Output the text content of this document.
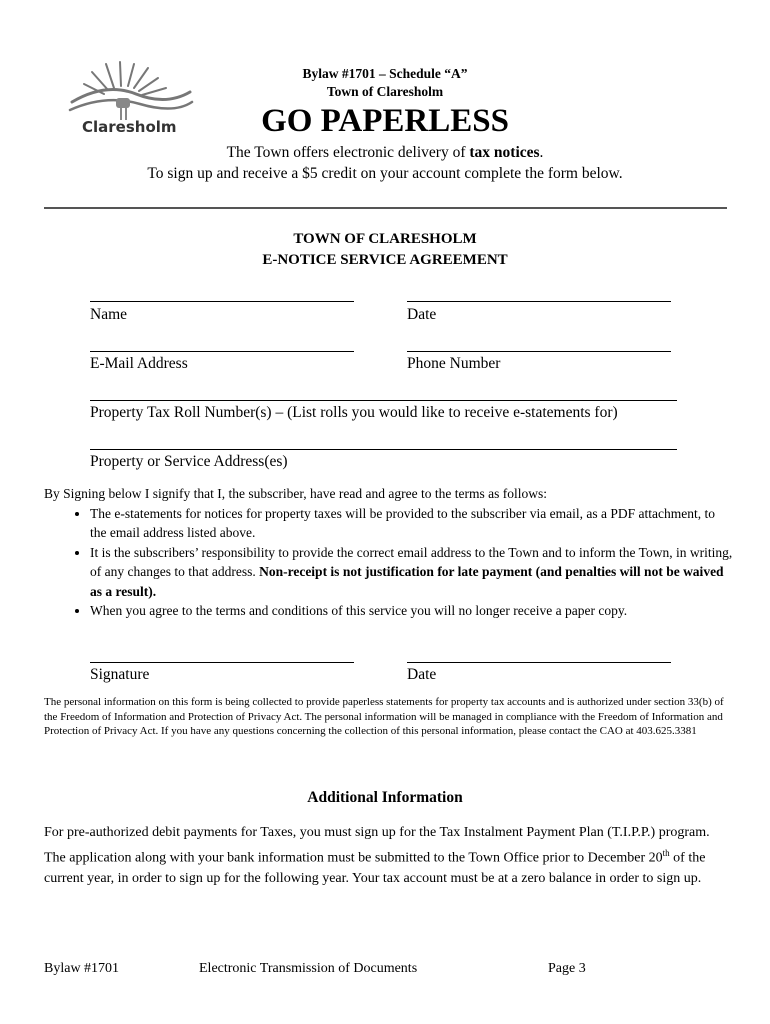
Claresholm
Bylaw #1701 – Schedule “A”
Town of Claresholm
GO PAPERLESS
The Town offers electronic delivery of tax notices.
To sign up and receive a $5 credit on your account complete the form below.
TOWN OF CLARESHOLM
E-NOTICE SERVICE AGREEMENT
Name	Date
E-Mail Address	Phone Number
Property Tax Roll Number(s) – (List rolls you would like to receive e-statements for)
Property or Service Address(es)
By Signing below I signify that I, the subscriber, have read and agree to the terms as follows:
• The e-statements for notices for property taxes will be provided to the subscriber via email, as a PDF attachment, to the email address listed above.
• It is the subscribers’ responsibility to provide the correct email address to the Town and to inform the Town, in writing, of any changes to that address. Non-receipt is not justification for late payment (and penalties will not be waived as a result).
• When you agree to the terms and conditions of this service you will no longer receive a paper copy.
Signature	Date
The personal information on this form is being collected to provide paperless statements for property tax accounts and is authorized under section 33(b) of the Freedom of Information and Protection of Privacy Act. The personal information will be managed in compliance with the Freedom of Information and Protection of Privacy Act. If you have any questions concerning the collection of this personal information, please contact the CAO at 403.625.3381
Additional Information
For pre-authorized debit payments for Taxes, you must sign up for the Tax Instalment Payment Plan (T.I.P.P.) program. The application along with your bank information must be submitted to the Town Office prior to December 20th of the current year, in order to sign up for the following year. Your tax account must be at a zero balance in order to sign up.
Bylaw #1701	Electronic Transmission of Documents	Page 3
